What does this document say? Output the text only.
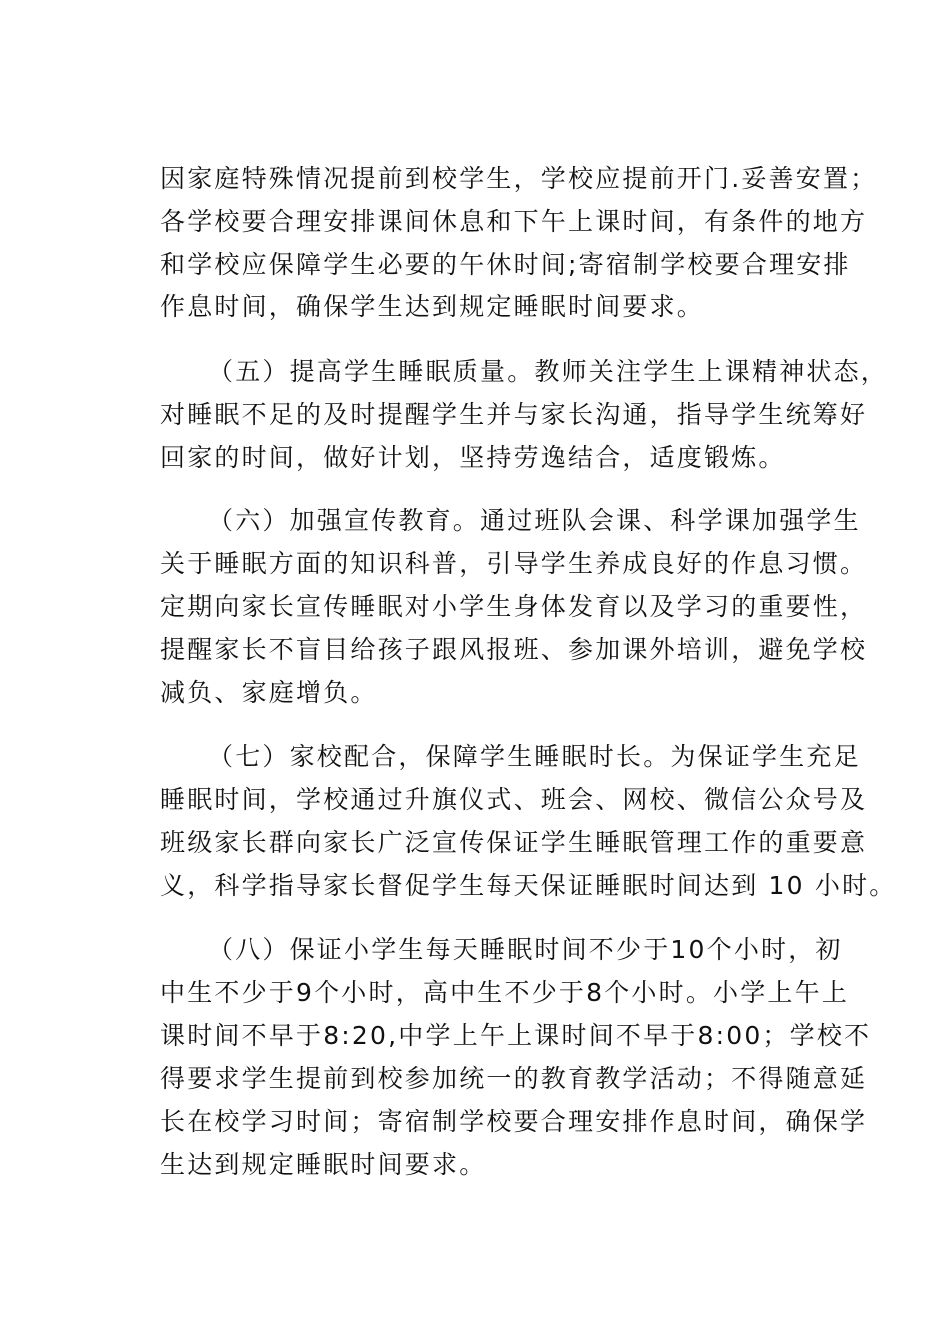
因家庭特殊情况提前到校学生，学校应提前开门.妥善安置；
各学校要合理安排课间休息和下午上课时间，有条件的地方
和学校应保障学生必要的午休时间;寄宿制学校要合理安排
作息时间，确保学生达到规定睡眠时间要求。
（五）提高学生睡眠质量。教师关注学生上课精神状态，
对睡眠不足的及时提醒学生并与家长沟通，指导学生统筹好
回家的时间，做好计划，坚持劳逸结合，适度锻炼。
（六）加强宣传教育。通过班队会课、科学课加强学生
关于睡眠方面的知识科普，引导学生养成良好的作息习惯。
定期向家长宣传睡眠对小学生身体发育以及学习的重要性，
提醒家长不盲目给孩子跟风报班、参加课外培训，避免学校
减负、家庭增负。
（七）家校配合，保障学生睡眠时长。为保证学生充足
睡眠时间，学校通过升旗仪式、班会、网校、微信公众号及
班级家长群向家长广泛宣传保证学生睡眠管理工作的重要意
义，科学指导家长督促学生每天保证睡眠时间达到 10 小时。
（八）保证小学生每天睡眠时间不少于10个小时，初
中生不少于9个小时，高中生不少于8个小时。小学上午上
课时间不早于8:20,中学上午上课时间不早于8:00；学校不
得要求学生提前到校参加统一的教育教学活动；不得随意延
长在校学习时间；寄宿制学校要合理安排作息时间，确保学
生达到规定睡眠时间要求。
